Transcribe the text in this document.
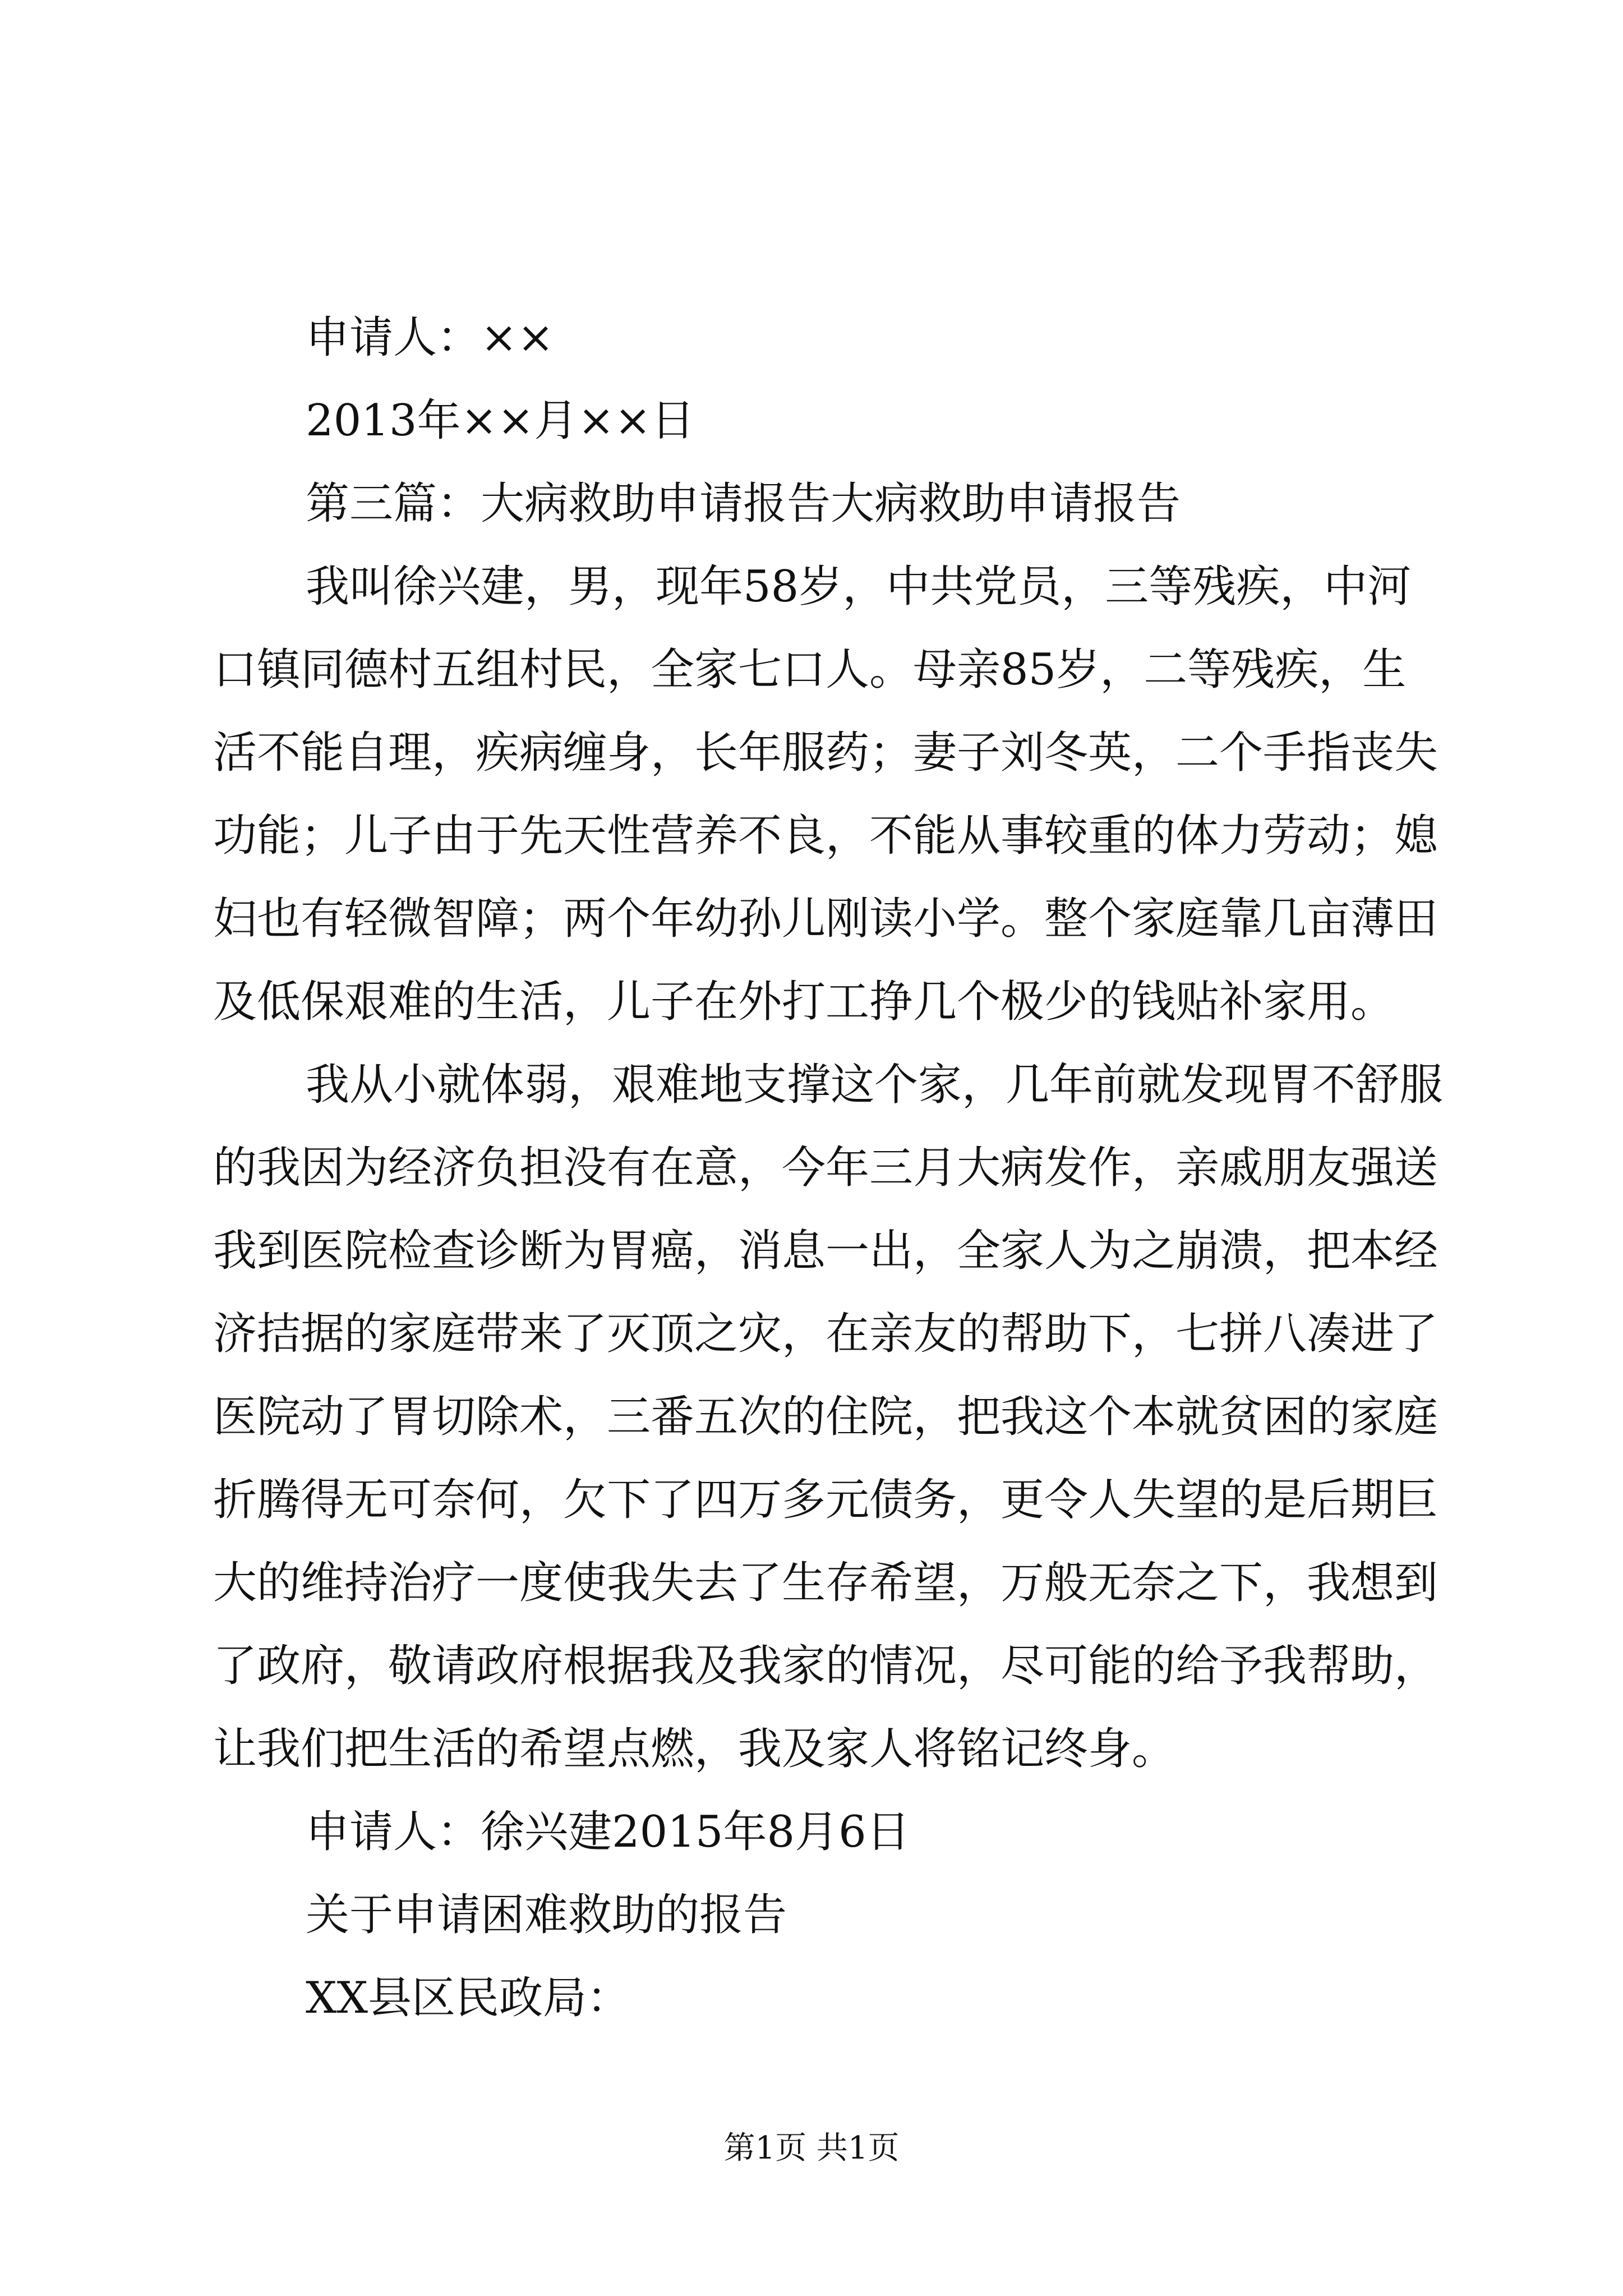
申请人：××

2013年××月××日

第三篇：大病救助申请报告大病救助申请报告

我叫徐兴建，男，现年58岁，中共党员，三等残疾，中河
口镇同德村五组村民，全家七口人。母亲85岁，二等残疾，生
活不能自理，疾病缠身，长年服药；妻子刘冬英，二个手指丧失
功能；儿子由于先天性营养不良，不能从事较重的体力劳动；媳
妇也有轻微智障；两个年幼孙儿刚读小学。整个家庭靠几亩薄田
及低保艰难的生活，儿子在外打工挣几个极少的钱贴补家用。
我从小就体弱，艰难地支撑这个家，几年前就发现胃不舒服
的我因为经济负担没有在意，今年三月大病发作，亲戚朋友强送
我到医院检查诊断为胃癌，消息一出，全家人为之崩溃，把本经
济拮据的家庭带来了灭顶之灾，在亲友的帮助下，七拼八凑进了
医院动了胃切除术，三番五次的住院，把我这个本就贫困的家庭
折腾得无可奈何，欠下了四万多元债务，更令人失望的是后期巨
大的维持治疗一度使我失去了生存希望，万般无奈之下，我想到
了政府，敬请政府根据我及我家的情况，尽可能的给予我帮助，
让我们把生活的希望点燃，我及家人将铭记终身。

申请人：徐兴建2015年8月6日

关于申请困难救助的报告

XX县区民政局：

第1页 共1页
